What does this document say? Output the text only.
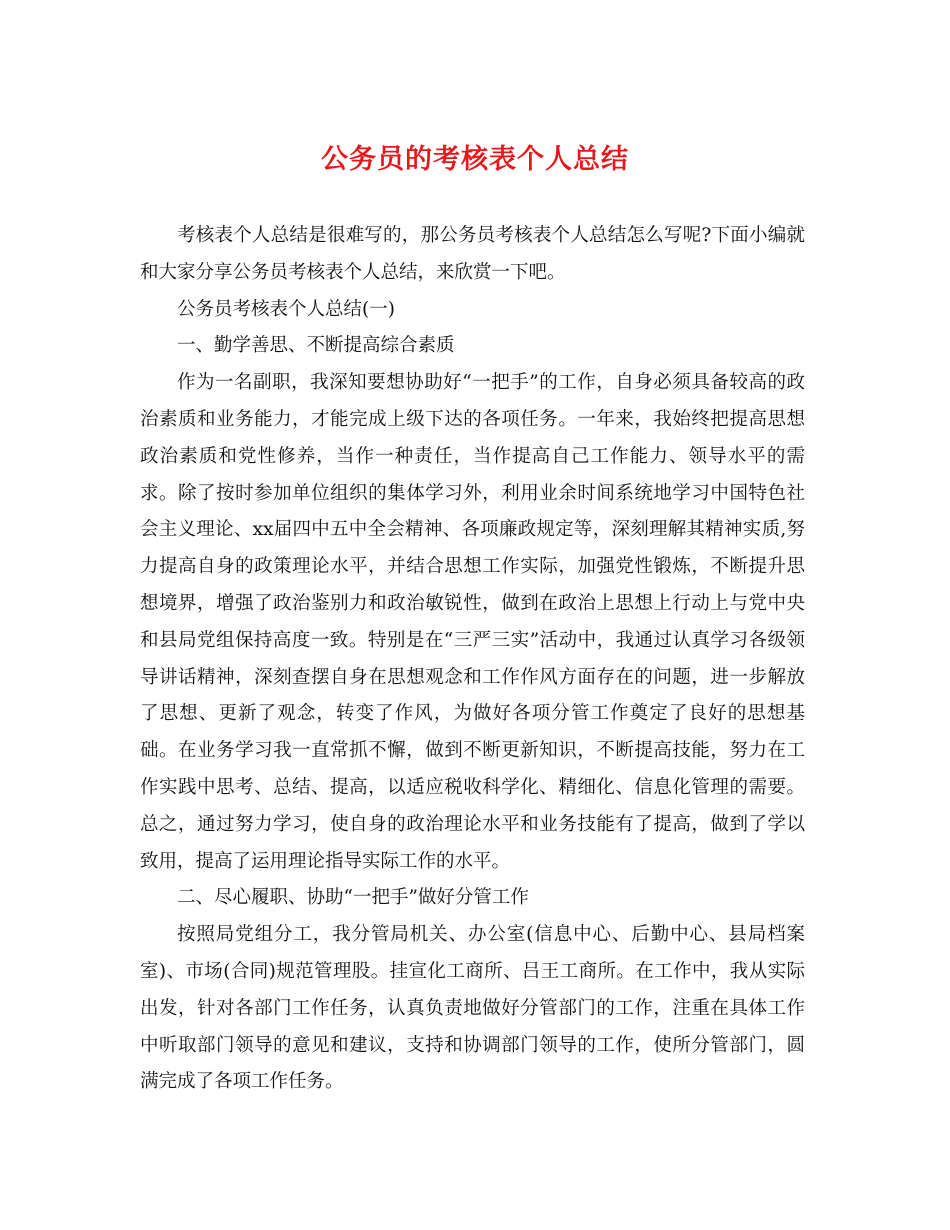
公务员的考核表个人总结

考核表个人总结是很难写的，那公务员考核表个人总结怎么写呢?下面小编就和大家分享公务员考核表个人总结，来欣赏一下吧。

公务员考核表个人总结(一)

一、勤学善思、不断提高综合素质

作为一名副职，我深知要想协助好“一把手”的工作，自身必须具备较高的政治素质和业务能力，才能完成上级下达的各项任务。一年来，我始终把提高思想政治素质和党性修养，当作一种责任，当作提高自己工作能力、领导水平的需求。除了按时参加单位组织的集体学习外，利用业余时间系统地学习中国特色社会主义理论、xx届四中五中全会精神、各项廉政规定等，深刻理解其精神实质,努力提高自身的政策理论水平，并结合思想工作实际，加强党性锻炼，不断提升思想境界，增强了政治鉴别力和政治敏锐性，做到在政治上思想上行动上与党中央和县局党组保持高度一致。特别是在“三严三实”活动中，我通过认真学习各级领导讲话精神，深刻查摆自身在思想观念和工作作风方面存在的问题，进一步解放了思想、更新了观念，转变了作风，为做好各项分管工作奠定了良好的思想基础。在业务学习我一直常抓不懈，做到不断更新知识，不断提高技能，努力在工作实践中思考、总结、提高，以适应税收科学化、精细化、信息化管理的需要。总之，通过努力学习，使自身的政治理论水平和业务技能有了提高，做到了学以致用，提高了运用理论指导实际工作的水平。

二、尽心履职、协助“一把手”做好分管工作

按照局党组分工，我分管局机关、办公室(信息中心、后勤中心、县局档案室)、市场(合同)规范管理股。挂宣化工商所、吕王工商所。在工作中，我从实际出发，针对各部门工作任务，认真负责地做好分管部门的工作，注重在具体工作中听取部门领导的意见和建议，支持和协调部门领导的工作，使所分管部门，圆满完成了各项工作任务。
